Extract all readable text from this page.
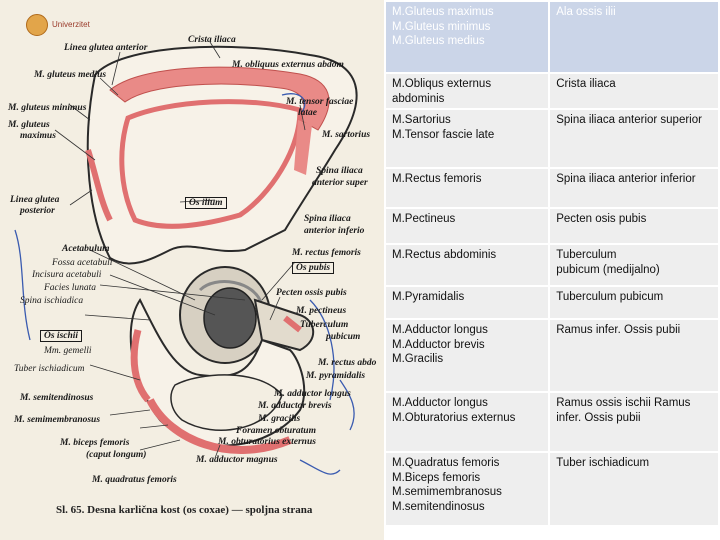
Univerzitet
Linea glutea anterior
Crista iliaca
M. gluteus medius
M. obliquus externus abdom
M. gluteus minimus
M. gluteus
maximus
M. tensor fasciae
latae
M. sartorius
Spina iliaca
anterior super
Linea glutea
posterior
Os ilium
Spina iliaca
anterior inferio
Acetabulum	M. rectus femoris
Fossa acetabuli
Incisura acetabuli
Os pubis
Facies lunata
Spina ischiadica
Pecten ossis pubis
M. pectineus
Os ischii
Tuberculum
pubicum
Mm. gemelli
Tuber ischiadicum
M. rectus abdo
M. pyramidalis
M. semitendinosus	M. adductor longus
M. adductor brevis
M. semimembranosus	M. gracilis
Foramen obturatum
M. obturatorius externus
M. biceps femoris
(caput longum)	M. adductor magnus
M. quadratus femoris
Sl. 65. Desna karlična kost (os coxae) — spoljna strana
M.Gluteus maximus
M.Gluteus minimus
M.Gluteus medius	Ala ossis ilii

M.Obliqus externus
abdominis	Crista iliaca

M.Sartorius
M.Tensor fascie late	Spina iliaca anterior superior

M.Rectus femoris	Spina iliaca anterior inferior

M.Pectineus	Pecten osis pubis

M.Rectus abdominis	Tuberculum
pubicum (medijalno)

M.Pyramidalis	Tuberculum pubicum

M.Adductor longus
M.Adductor brevis
M.Gracilis	Ramus infer. Ossis pubii

M.Adductor longus
M.Obturatorius externus	Ramus ossis ischii Ramus
infer. Ossis pubii

M.Quadratus femoris
M.Biceps femoris
M.semimembranosus
M.semitendinosus	Tuber ischiadicum
